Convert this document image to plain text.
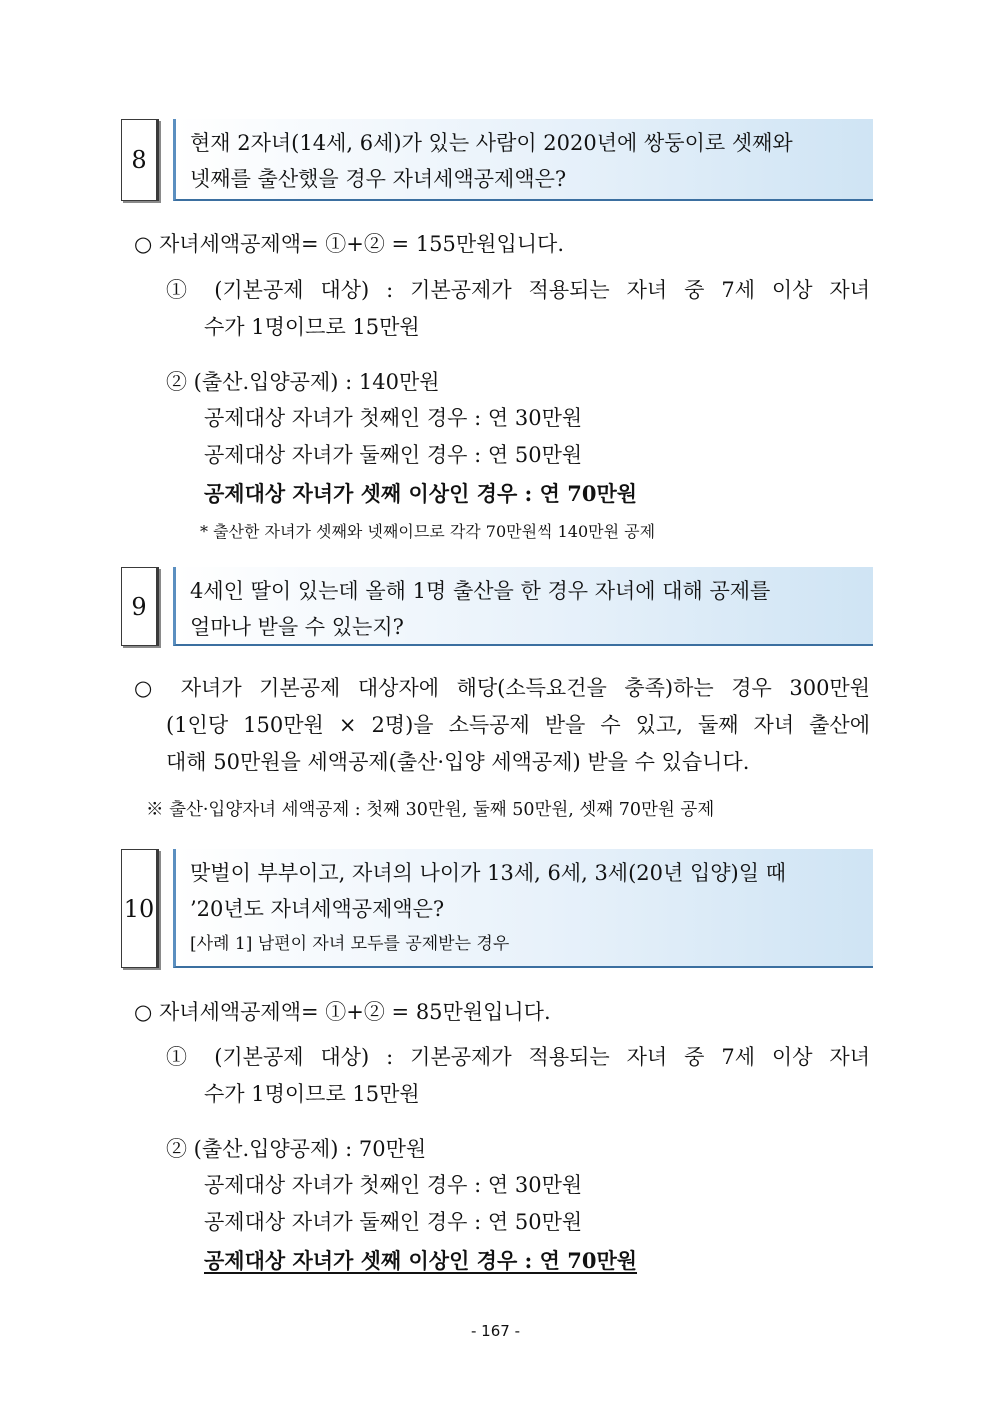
8
현재 2자녀(14세, 6세)가 있는 사람이 2020년에 쌍둥이로 셋째와
넷째를 출산했을 경우 자녀세액공제액은?
○ 자녀세액공제액= ①+② = 155만원입니다.
① (기본공제 대상) : 기본공제가 적용되는 자녀 중 7세 이상 자녀
수가 1명이므로 15만원
② (출산.입양공제) : 140만원
공제대상 자녀가 첫째인 경우 : 연 30만원
공제대상 자녀가 둘째인 경우 : 연 50만원
공제대상 자녀가 셋째 이상인 경우 : 연 70만원
* 출산한 자녀가 셋째와 넷째이므로 각각 70만원씩 140만원 공제
9
4세인 딸이 있는데 올해 1명 출산을 한 경우 자녀에 대해 공제를
얼마나 받을 수 있는지?
○ 자녀가 기본공제 대상자에 해당(소득요건을 충족)하는 경우 300만원
(1인당 150만원 × 2명)을 소득공제 받을 수 있고, 둘째 자녀 출산에
대해 50만원을 세액공제(출산·입양 세액공제) 받을 수 있습니다.
※ 출산·입양자녀 세액공제 : 첫째 30만원, 둘째 50만원, 셋째 70만원 공제
10
맞벌이 부부이고, 자녀의 나이가 13세, 6세, 3세(20년 입양)일 때
’20년도 자녀세액공제액은?
[사례 1] 남편이 자녀 모두를 공제받는 경우
○ 자녀세액공제액= ①+② = 85만원입니다.
① (기본공제 대상) : 기본공제가 적용되는 자녀 중 7세 이상 자녀
수가 1명이므로 15만원
② (출산.입양공제) : 70만원
공제대상 자녀가 첫째인 경우 : 연 30만원
공제대상 자녀가 둘째인 경우 : 연 50만원
공제대상 자녀가 셋째 이상인 경우 : 연 70만원
- 167 -
